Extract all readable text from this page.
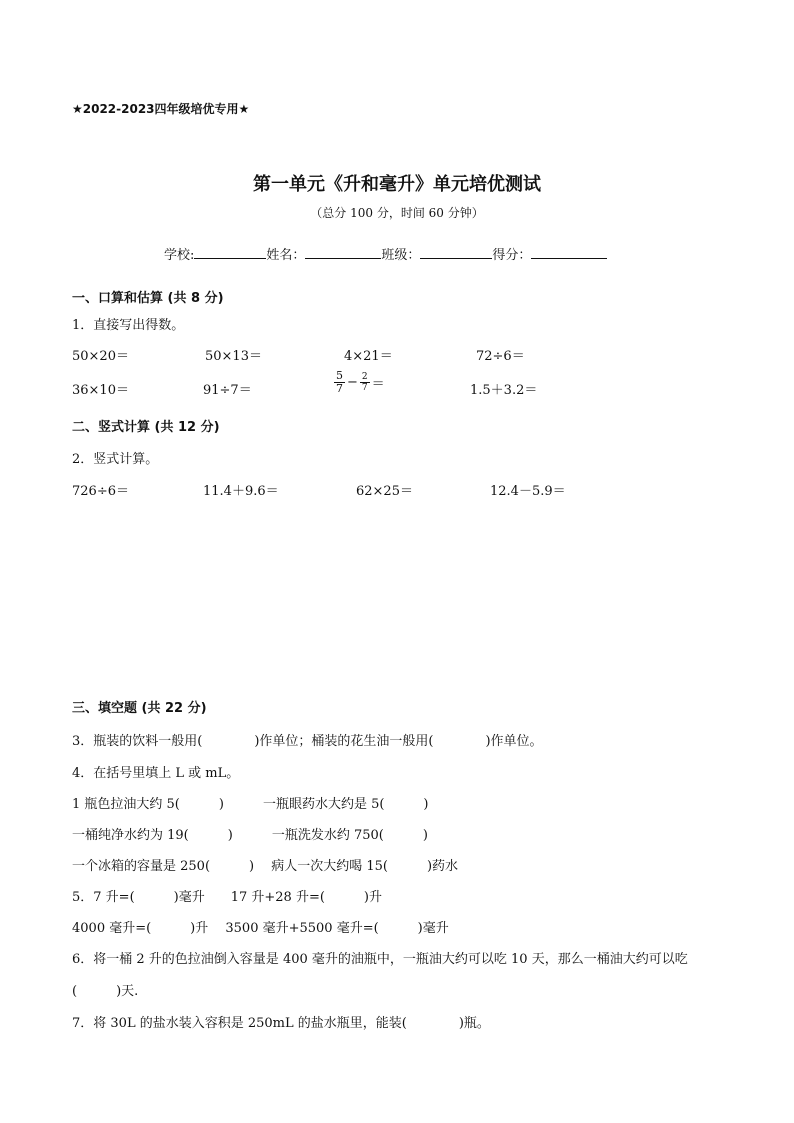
★2022-2023四年级培优专用★
第一单元《升和毫升》单元培优测试
（总分 100 分，时间 60 分钟）
学校:	姓名：	班级：	得分：
一、口算和估算 (共 8 分)
1．直接写出得数。
50×20＝	50×13＝	4×21＝	72÷6＝
36×10＝	91÷7＝	$\frac{5}{7} - \frac{2}{7}$ ＝	1.5＋3.2＝
二、竖式计算 (共 12 分)
2．竖式计算。
726÷6＝	11.4＋9.6＝	62×25＝	12.4－5.9＝
三、填空题 (共 22 分)
3．瓶装的饮料一般用(　　　　)作单位；桶装的花生油一般用(　　　　)作单位。
4．在括号里填上 L 或 mL。
1 瓶色拉油大约 5(　　　)　　　一瓶眼药水大约是 5(　　　)
一桶纯净水约为 19(　　　)　　　一瓶洗发水约 750(　　　)
一个冰箱的容量是 250(　　　)　 病人一次大约喝 15(　　　)药水
5．7 升=(　　　)毫升　　17 升+28 升=(　　　)升
4000 毫升=(　　　)升　 3500 毫升+5500 毫升=(　　　)毫升
6．将一桶 2 升的色拉油倒入容量是 400 毫升的油瓶中，一瓶油大约可以吃 10 天，那么一桶油大约可以吃
(　　　)天.
7．将 30L 的盐水装入容积是 250mL 的盐水瓶里，能装(　　　　)瓶。
